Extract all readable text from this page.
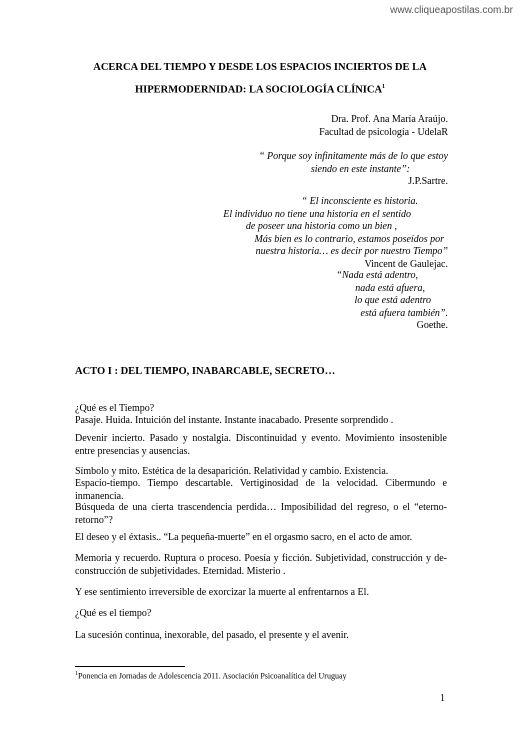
www.cliqueapostilas.com.br
ACERCA DEL TIEMPO Y DESDE LOS ESPACIOS INCIERTOS DE LA
HIPERMODERNIDAD: LA SOCIOLOGÍA CLÍNICA$^1$
Dra. Prof. Ana María Araújo.
Facultad de psicología - UdelaR
“ Porque soy infinitamente más de lo que estoy
siendo en este instante”:
J.P.Sartre.
“ El inconsciente es historia.
El individuo no tiene una historia en el sentido
de poseer una historia como un bien ,
Más bien es lo contrario, estamos poseídos por
nuestra historia… es decir por nuestro Tiempo”
Vincent de Gaulejac.
“Nada está adentro,
nada está afuera,
lo que está adentro
está afuera también”.
Goethe.
ACTO I : DEL TIEMPO, INABARCABLE, SECRETO…
¿Qué es el Tiempo?
Pasaje. Huida. Intuición del instante. Instante inacabado. Presente sorprendido .
Devenir incierto. Pasado y nostalgia. Discontinuidad y evento. Movimiento insostenible entre presencias y ausencias.
Símbolo y mito. Estética de la desaparición. Relatividad y cambio. Existencia.
Espacio-tiempo. Tiempo descartable. Vertiginosidad de la velocidad. Cibermundo e inmanencia.
Búsqueda de una cierta trascendencia perdida… Imposibilidad del regreso, o el “eterno-retorno”?
El deseo y el éxtasis.. “La pequeña-muerte” en el orgasmo sacro, en el acto de amor.
Memoria y recuerdo. Ruptura o proceso. Poesía y ficción. Subjetividad, construcción y de-construcción de subjetividades. Eternidad. Misterio .
Y ese sentimiento irreversible de exorcizar la muerte al enfrentarnos a El.
¿Qué es el tiempo?
La sucesión continua, inexorable, del pasado, el presente y el avenir.
$^1$Ponencia en Jornadas de Adolescencia 2011. Asociación Psicoanalítica del Uruguay
1
